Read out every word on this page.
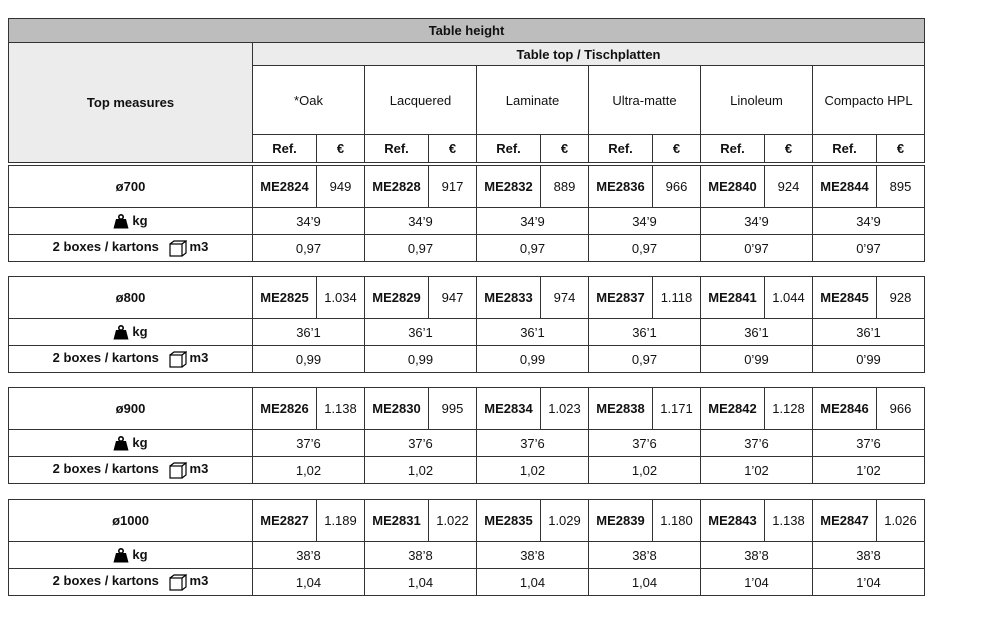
Table height												
Top measures	Table top / Tischplatten											
	*Oak		Lacquered		Laminate		Ultra-matte		Linoleum		Compacto HPL	
	Ref.	€	Ref.	€	Ref.	€	Ref.	€	Ref.	€	Ref.	€
ø700	ME2824	949	ME2828	917	ME2832	889	ME2836	966	ME2840	924	ME2844	895
kg	34’9		34’9		34’9		34’9		34’9		34’9	
2 boxes / kartons m3	0,97		0,97		0,97		0,97		0’97		0’97	
ø800	ME2825	1.034	ME2829	947	ME2833	974	ME2837	1.118	ME2841	1.044	ME2845	928
kg	36’1		36’1		36’1		36’1		36’1		36’1	
2 boxes / kartons m3	0,99		0,99		0,99		0,97		0’99		0’99	
ø900	ME2826	1.138	ME2830	995	ME2834	1.023	ME2838	1.171	ME2842	1.128	ME2846	966
kg	37’6		37’6		37’6		37’6		37’6		37’6	
2 boxes / kartons m3	1,02		1,02		1,02		1,02		1’02		1’02	
ø1000	ME2827	1.189	ME2831	1.022	ME2835	1.029	ME2839	1.180	ME2843	1.138	ME2847	1.026
kg	38’8		38’8		38’8		38’8		38’8		38’8	
2 boxes / kartons m3	1,04		1,04		1,04		1,04		1’04		1’04	
